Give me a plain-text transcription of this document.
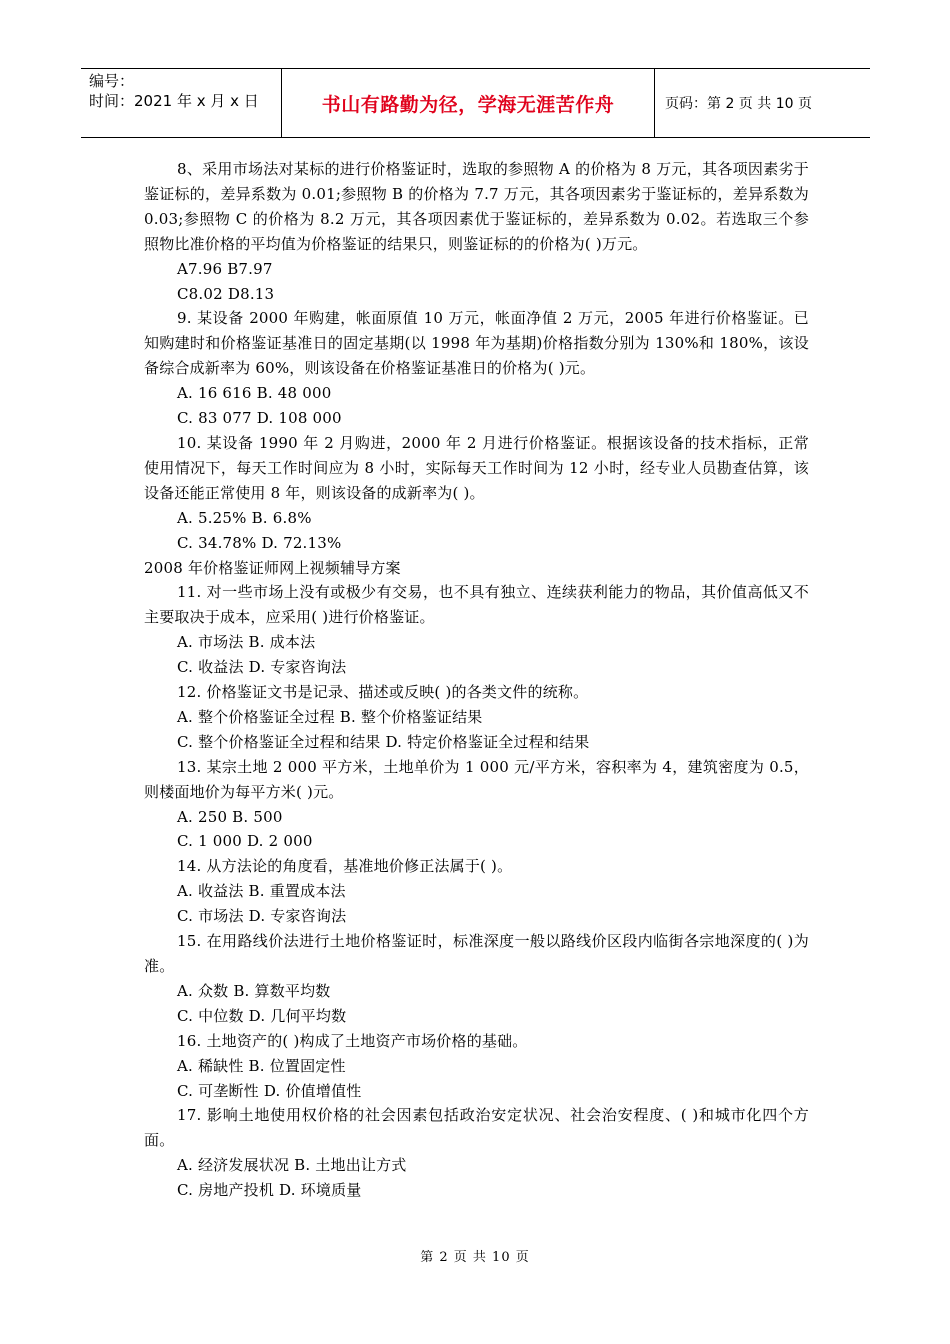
编号：
时间：2021 年 x 月 x 日	书山有路勤为径，学海无涯苦作舟	页码：第 2 页 共 10 页

8、采用市场法对某标的进行价格鉴证时，选取的参照物 A 的价格为 8 万元，其各项因素劣于鉴证标的，差异系数为 0.01;参照物 B 的价格为 7.7 万元，其各项因素劣于鉴证标的，差异系数为 0.03;参照物 C 的价格为 8.2 万元，其各项因素优于鉴证标的，差异系数为 0.02。若选取三个参照物比准价格的平均值为价格鉴证的结果只，则鉴证标的的价格为( )万元。

A7.96 B7.97

C8.02 D8.13

9. 某设备 2000 年购建，帐面原值 10 万元，帐面净值 2 万元，2005 年进行价格鉴证。已知购建时和价格鉴证基准日的固定基期(以 1998 年为基期)价格指数分别为 130%和 180%，该设备综合成新率为 60%，则该设备在价格鉴证基准日的价格为( )元。

A. 16 616 B. 48 000

C. 83 077 D. 108 000

10. 某设备 1990 年 2 月购进，2000 年 2 月进行价格鉴证。根据该设备的技术指标，正常使用情况下，每天工作时间应为 8 小时，实际每天工作时间为 12 小时，经专业人员勘查估算，该设备还能正常使用 8 年，则该设备的成新率为( )。

A. 5.25% B. 6.8%

C. 34.78% D. 72.13%

2008 年价格鉴证师网上视频辅导方案

11. 对一些市场上没有或极少有交易，也不具有独立、连续获利能力的物品，其价值高低又不主要取决于成本，应采用( )进行价格鉴证。

A. 市场法 B. 成本法

C. 收益法 D. 专家咨询法

12. 价格鉴证文书是记录、描述或反映( )的各类文件的统称。

A. 整个价格鉴证全过程 B. 整个价格鉴证结果

C. 整个价格鉴证全过程和结果 D. 特定价格鉴证全过程和结果

13. 某宗土地 2 000 平方米，土地单价为 1 000 元/平方米，容积率为 4，建筑密度为 0.5，则楼面地价为每平方米( )元。

A. 250 B. 500

C. 1 000 D. 2 000

14. 从方法论的角度看，基准地价修正法属于( )。

A. 收益法 B. 重置成本法

C. 市场法 D. 专家咨询法

15. 在用路线价法进行土地价格鉴证时，标准深度一般以路线价区段内临街各宗地深度的( )为准。

A. 众数 B. 算数平均数

C. 中位数 D. 几何平均数

16. 土地资产的( )构成了土地资产市场价格的基础。

A. 稀缺性 B. 位置固定性

C. 可垄断性 D. 价值增值性

17. 影响土地使用权价格的社会因素包括政治安定状况、社会治安程度、( )和城市化四个方面。

A. 经济发展状况 B. 土地出让方式

C. 房地产投机 D. 环境质量

第 2 页 共 10 页
